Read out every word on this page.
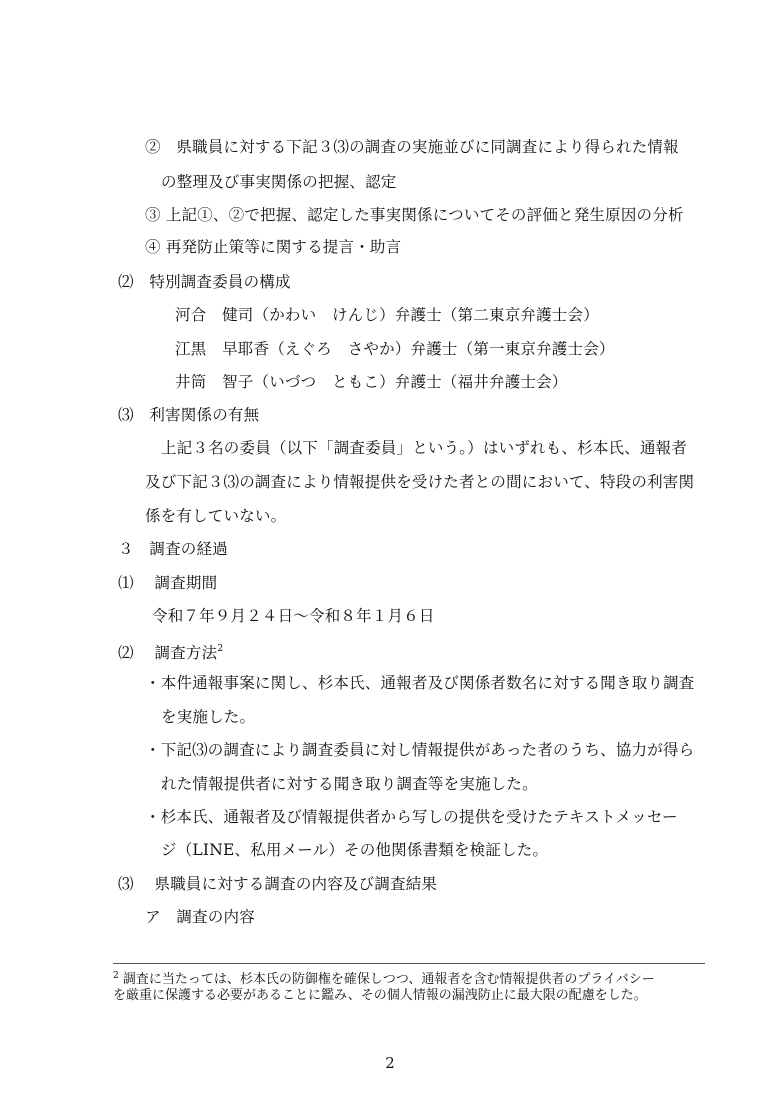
②　県職員に対する下記３⑶の調査の実施並びに同調査により得られた情報
の整理及び事実関係の把握、認定
③ 上記①、②で把握、認定した事実関係についてその評価と発生原因の分析
④ 再発防止策等に関する提言・助言
⑵　特別調査委員の構成
河合　健司（かわい　けんじ）弁護士（第二東京弁護士会）
江黒　早耶香（えぐろ　さやか）弁護士（第一東京弁護士会）
井筒　智子（いづつ　ともこ）弁護士（福井弁護士会）
⑶　利害関係の有無
上記３名の委員（以下「調査委員」という。）はいずれも、杉本氏、通報者
及び下記３⑶の調査により情報提供を受けた者との間において、特段の利害関
係を有していない。
３　調査の経過
⑴　 調査期間
令和７年９月２４日～令和８年１月６日
⑵　 調査方法$^2$
・本件通報事案に関し、杉本氏、通報者及び関係者数名に対する聞き取り調査
を実施した。
・下記⑶の調査により調査委員に対し情報提供があった者のうち、協力が得ら
れた情報提供者に対する聞き取り調査等を実施した。
・杉本氏、通報者及び情報提供者から写しの提供を受けたテキストメッセー
ジ（LINE、私用メール）その他関係書類を検証した。
⑶　 県職員に対する調査の内容及び調査結果
ア　調査の内容
$^2$ 調査に当たっては、杉本氏の防御権を確保しつつ、通報者を含む情報提供者のプライバシー
を厳重に保護する必要があることに鑑み、その個人情報の漏洩防止に最大限の配慮をした。
2
